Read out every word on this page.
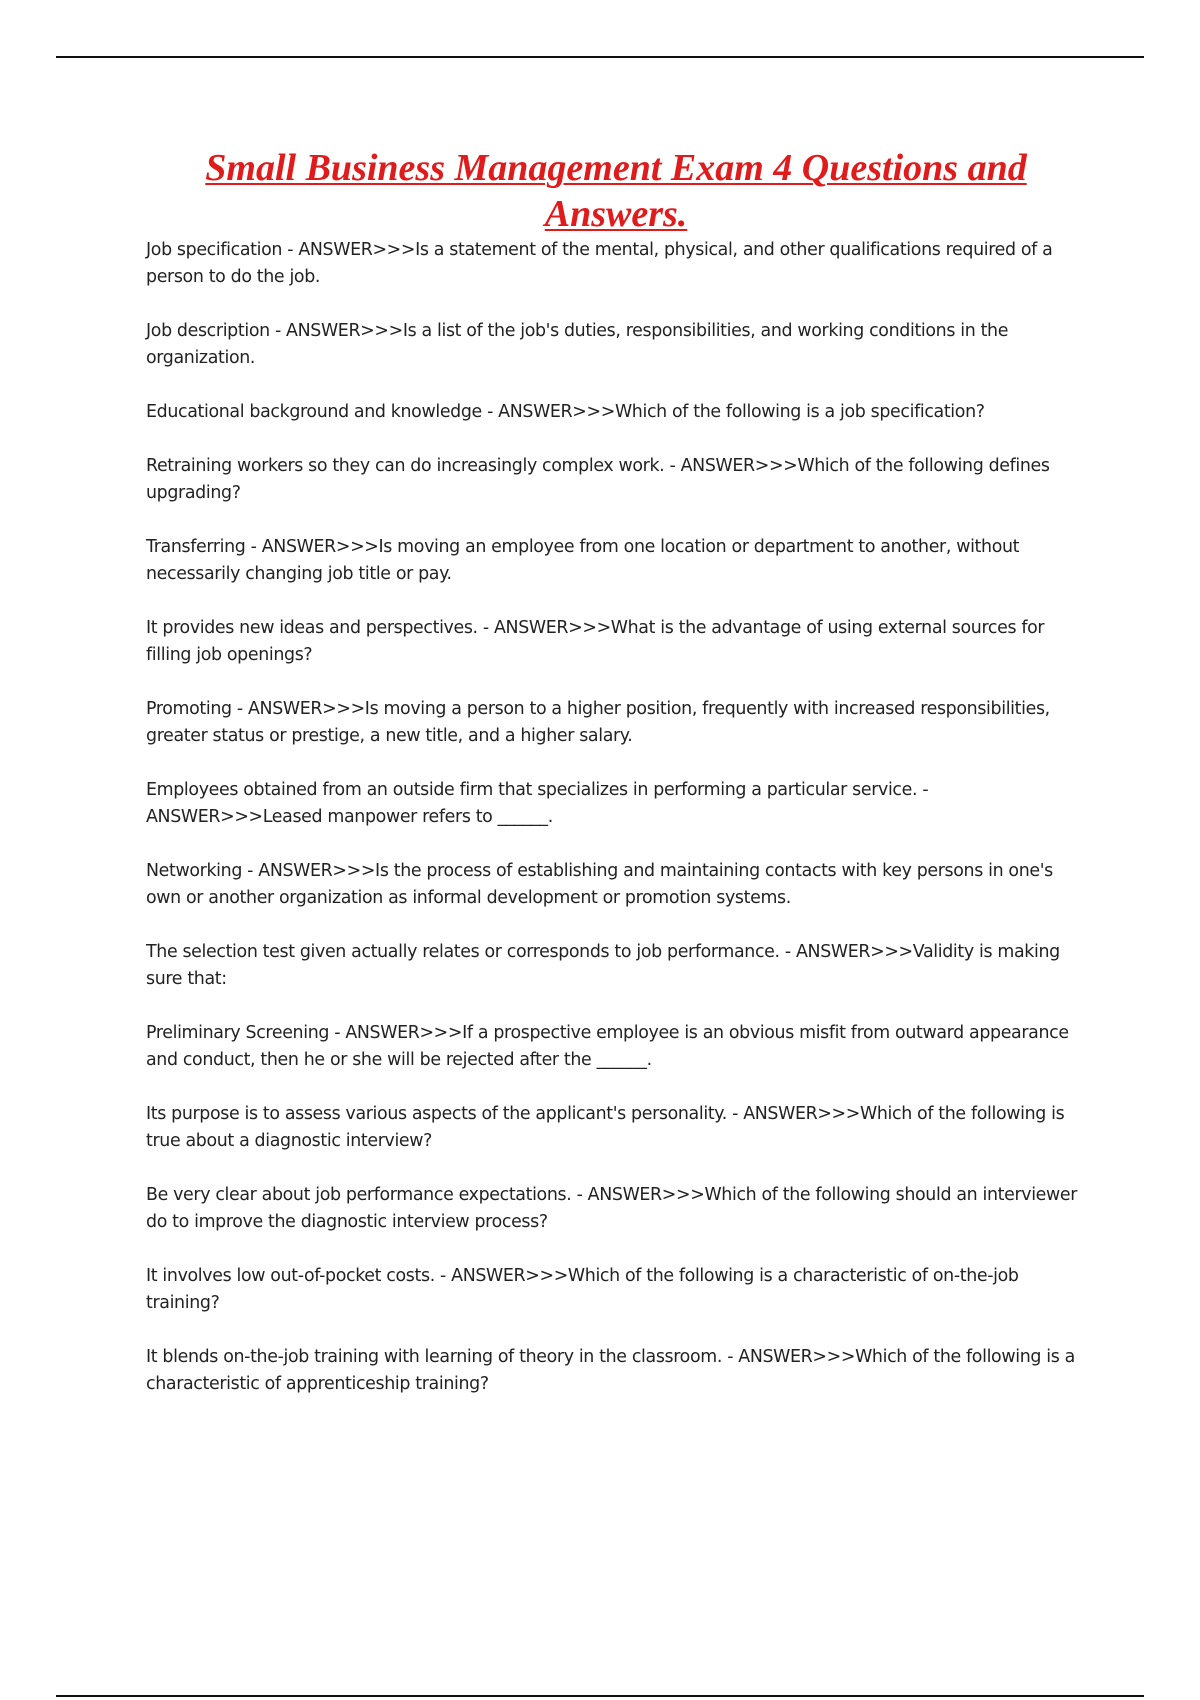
Small Business Management Exam 4 Questions and Answers.
Job specification - ANSWER>>>Is a statement of the mental, physical, and other qualifications required of a person to do the job.
Job description - ANSWER>>>Is a list of the job's duties, responsibilities, and working conditions in the organization.
Educational background and knowledge - ANSWER>>>Which of the following is a job specification?
Retraining workers so they can do increasingly complex work. - ANSWER>>>Which of the following defines upgrading?
Transferring - ANSWER>>>Is moving an employee from one location or department to another, without necessarily changing job title or pay.
It provides new ideas and perspectives. - ANSWER>>>What is the advantage of using external sources for filling job openings?
Promoting - ANSWER>>>Is moving a person to a higher position, frequently with increased responsibilities, greater status or prestige, a new title, and a higher salary.
Employees obtained from an outside firm that specializes in performing a particular service. - ANSWER>>>Leased manpower refers to ______.
Networking - ANSWER>>>Is the process of establishing and maintaining contacts with key persons in one's own or another organization as informal development or promotion systems.
The selection test given actually relates or corresponds to job performance. - ANSWER>>>Validity is making sure that:
Preliminary Screening - ANSWER>>>If a prospective employee is an obvious misfit from outward appearance and conduct, then he or she will be rejected after the ______.
Its purpose is to assess various aspects of the applicant's personality. - ANSWER>>>Which of the following is true about a diagnostic interview?
Be very clear about job performance expectations. - ANSWER>>>Which of the following should an interviewer do to improve the diagnostic interview process?
It involves low out-of-pocket costs. - ANSWER>>>Which of the following is a characteristic of on-the-job training?
It blends on-the-job training with learning of theory in the classroom. - ANSWER>>>Which of the following is a characteristic of apprenticeship training?
